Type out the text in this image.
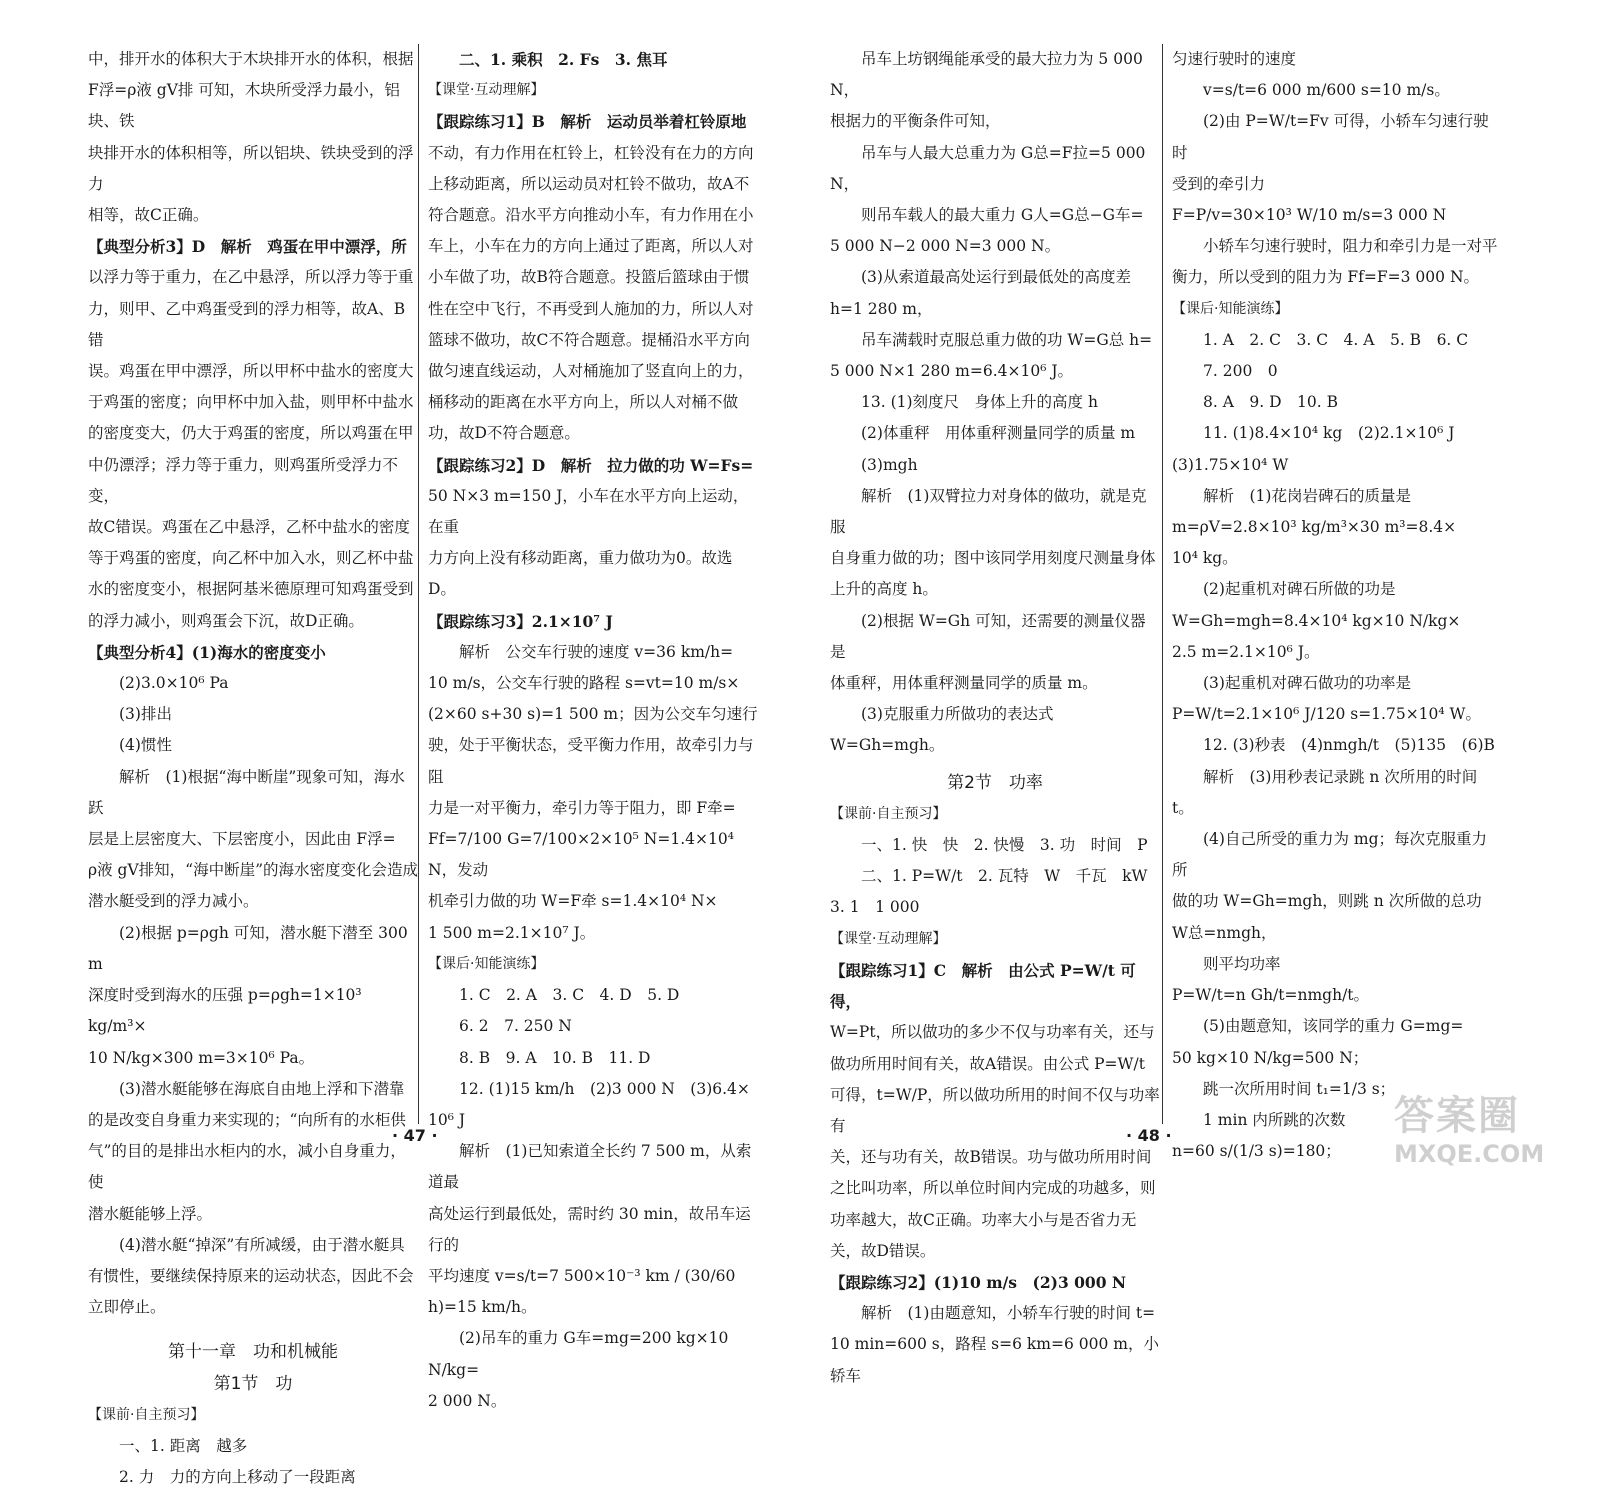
中，排开水的体积大于木块排开水的体积，根据

F浮=ρ液 gV排 可知，木块所受浮力最小，铝块、铁

块排开水的体积相等，所以铝块、铁块受到的浮力

相等，故C正确。

【典型分析3】D　解析　鸡蛋在甲中漂浮，所

以浮力等于重力，在乙中悬浮，所以浮力等于重

力，则甲、乙中鸡蛋受到的浮力相等，故A、B错

误。鸡蛋在甲中漂浮，所以甲杯中盐水的密度大

于鸡蛋的密度；向甲杯中加入盐，则甲杯中盐水

的密度变大，仍大于鸡蛋的密度，所以鸡蛋在甲

中仍漂浮；浮力等于重力，则鸡蛋所受浮力不变，

故C错误。鸡蛋在乙中悬浮，乙杯中盐水的密度

等于鸡蛋的密度，向乙杯中加入水，则乙杯中盐

水的密度变小，根据阿基米德原理可知鸡蛋受到

的浮力减小，则鸡蛋会下沉，故D正确。

【典型分析4】(1)海水的密度变小

(2)3.0×10⁶ Pa

(3)排出

(4)惯性

解析　(1)根据“海中断崖”现象可知，海水跃

层是上层密度大、下层密度小，因此由 F浮=

ρ液 gV排知，“海中断崖”的海水密度变化会造成

潜水艇受到的浮力减小。

(2)根据 p=ρgh 可知，潜水艇下潜至 300 m

深度时受到海水的压强 p=ρgh=1×10³ kg/m³×

10 N/kg×300 m=3×10⁶ Pa。

(3)潜水艇能够在海底自由地上浮和下潜靠

的是改变自身重力来实现的；“向所有的水柜供

气”的目的是排出水柜内的水，减小自身重力，使

潜水艇能够上浮。

(4)潜水艇“掉深”有所减缓，由于潜水艇具

有惯性，要继续保持原来的运动状态，因此不会

立即停止。

第十一章　功和机械能

第1节　功

【课前·自主预习】

一、1. 距离　越多

2. 力　力的方向上移动了一段距离

二、1. 乘积　2. Fs　3. 焦耳

【课堂·互动理解】

【跟踪练习1】B　解析　运动员举着杠铃原地

不动，有力作用在杠铃上，杠铃没有在力的方向

上移动距离，所以运动员对杠铃不做功，故A不

符合题意。沿水平方向推动小车，有力作用在小

车上，小车在力的方向上通过了距离，所以人对

小车做了功，故B符合题意。投篮后篮球由于惯

性在空中飞行，不再受到人施加的力，所以人对

篮球不做功，故C不符合题意。提桶沿水平方向

做匀速直线运动，人对桶施加了竖直向上的力，

桶移动的距离在水平方向上，所以人对桶不做

功，故D不符合题意。

【跟踪练习2】D　解析　拉力做的功 W=Fs=

50 N×3 m=150 J，小车在水平方向上运动，在重

力方向上没有移动距离，重力做功为0。故选D。

【跟踪练习3】2.1×10⁷ J

解析　公交车行驶的速度 v=36 km/h=

10 m/s，公交车行驶的路程 s=vt=10 m/s×

(2×60 s+30 s)=1 500 m；因为公交车匀速行

驶，处于平衡状态，受平衡力作用，故牵引力与阻

力是一对平衡力，牵引力等于阻力，即 F牵=

Ff=7/100 G=7/100×2×10⁵ N=1.4×10⁴ N，发动

机牵引力做的功 W=F牵 s=1.4×10⁴ N×

1 500 m=2.1×10⁷ J。

【课后·知能演练】

1. C　2. A　3. C　4. D　5. D

6. 2　7. 250 N

8. B　9. A　10. B　11. D

12. (1)15 km/h　(2)3 000 N　(3)6.4×

10⁶ J

解析　(1)已知索道全长约 7 500 m，从索道最

高处运行到最低处，需时约 30 min，故吊车运行的

平均速度 v=s/t=7 500×10⁻³ km / (30/60 h)=15 km/h。

(2)吊车的重力 G车=mg=200 kg×10 N/kg=

2 000 N。

· 47 ·

吊车上坊钢绳能承受的最大拉力为 5 000 N，

根据力的平衡条件可知，

吊车与人最大总重力为 G总=F拉=5 000 N，

则吊车载人的最大重力 G人=G总−G车=

5 000 N−2 000 N=3 000 N。

(3)从索道最高处运行到最低处的高度差

h=1 280 m，

吊车满载时克服总重力做的功 W=G总 h=

5 000 N×1 280 m=6.4×10⁶ J。

13. (1)刻度尺　身体上升的高度 h

(2)体重秤　用体重秤测量同学的质量 m

(3)mgh

解析　(1)双臂拉力对身体的做功，就是克服

自身重力做的功；图中该同学用刻度尺测量身体

上升的高度 h。

(2)根据 W=Gh 可知，还需要的测量仪器是

体重秤，用体重秤测量同学的质量 m。

(3)克服重力所做功的表达式 W=Gh=mgh。

第2节　功率

【课前·自主预习】

一、1. 快　快　2. 快慢　3. 功　时间　P

二、1. P=W/t　2. 瓦特　W　千瓦　kW

3. 1　1 000

【课堂·互动理解】

【跟踪练习1】C　解析　由公式 P=W/t 可得，

W=Pt，所以做功的多少不仅与功率有关，还与

做功所用时间有关，故A错误。由公式 P=W/t

可得，t=W/P，所以做功所用的时间不仅与功率有

关，还与功有关，故B错误。功与做功所用时间

之比叫功率，所以单位时间内完成的功越多，则

功率越大，故C正确。功率大小与是否省力无

关，故D错误。

【跟踪练习2】(1)10 m/s　(2)3 000 N

解析　(1)由题意知，小轿车行驶的时间 t=

10 min=600 s，路程 s=6 km=6 000 m，小轿车

匀速行驶时的速度

v=s/t=6 000 m/600 s=10 m/s。

(2)由 P=W/t=Fv 可得，小轿车匀速行驶时

受到的牵引力

F=P/v=30×10³ W/10 m/s=3 000 N

小轿车匀速行驶时，阻力和牵引力是一对平

衡力，所以受到的阻力为 Ff=F=3 000 N。

【课后·知能演练】

1. A　2. C　3. C　4. A　5. B　6. C

7. 200　0

8. A　9. D　10. B

11. (1)8.4×10⁴ kg　(2)2.1×10⁶ J

(3)1.75×10⁴ W

解析　(1)花岗岩碑石的质量是

m=ρV=2.8×10³ kg/m³×30 m³=8.4×

10⁴ kg。

(2)起重机对碑石所做的功是

W=Gh=mgh=8.4×10⁴ kg×10 N/kg×

2.5 m=2.1×10⁶ J。

(3)起重机对碑石做功的功率是

P=W/t=2.1×10⁶ J/120 s=1.75×10⁴ W。

12. (3)秒表　(4)nmgh/t　(5)135　(6)B

解析　(3)用秒表记录跳 n 次所用的时间 t。

(4)自己所受的重力为 mg；每次克服重力所

做的功 W=Gh=mgh，则跳 n 次所做的总功

W总=nmgh，

则平均功率

P=W/t=n Gh/t=nmgh/t。

(5)由题意知，该同学的重力 G=mg=

50 kg×10 N/kg=500 N；

跳一次所用时间 t₁=1/3 s；

1 min 内所跳的次数

n=60 s/(1/3 s)=180；

· 48 ·	答案圈
MXQE.COM
